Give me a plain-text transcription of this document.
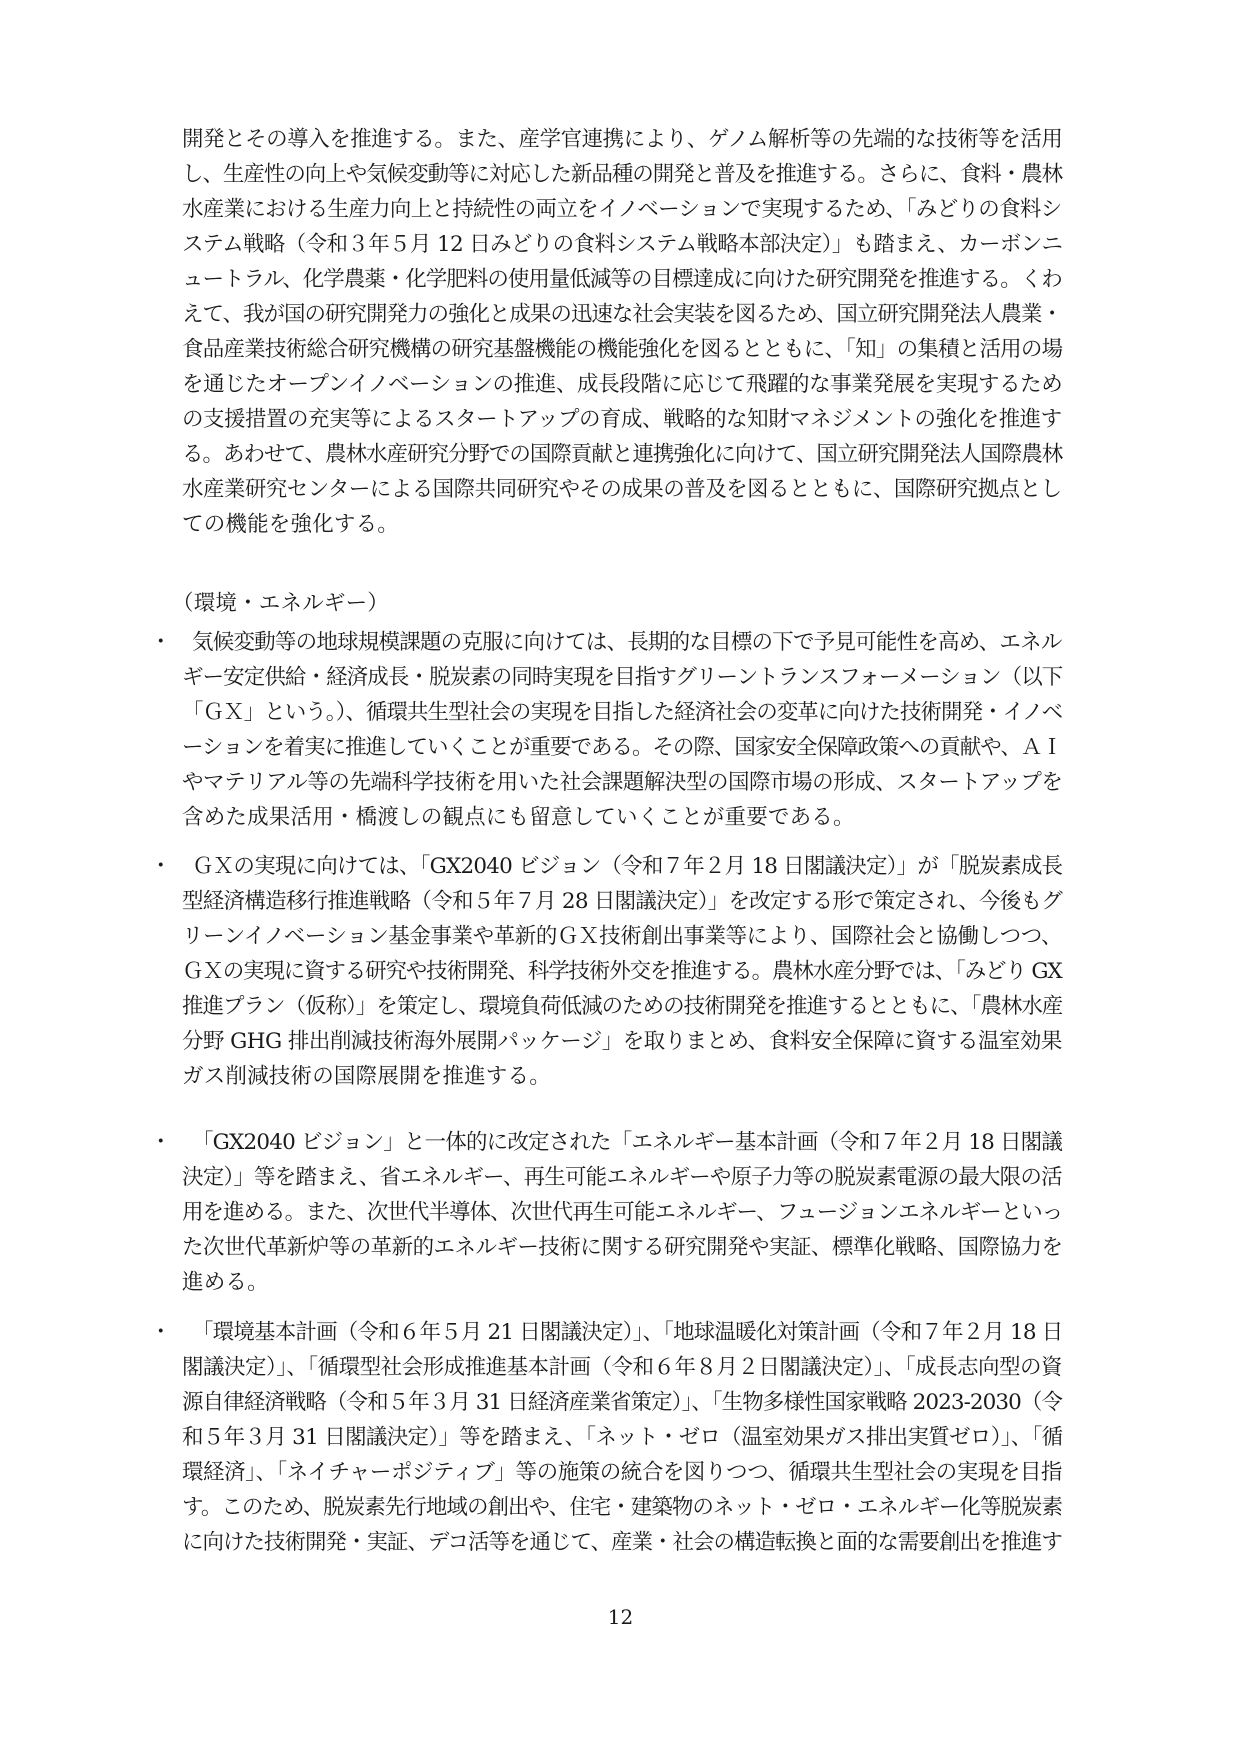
開発とその導入を推進する。また、産学官連携により、ゲノム解析等の先端的な技術等を活用
し、生産性の向上や気候変動等に対応した新品種の開発と普及を推進する。さらに、食料・農林
水産業における生産力向上と持続性の両立をイノベーションで実現するため、「みどりの食料シ
ステム戦略（令和３年５月 12 日みどりの食料システム戦略本部決定）」も踏まえ、カーボンニ
ュートラル、化学農薬・化学肥料の使用量低減等の目標達成に向けた研究開発を推進する。くわ
えて、我が国の研究開発力の強化と成果の迅速な社会実装を図るため、国立研究開発法人農業・
食品産業技術総合研究機構の研究基盤機能の機能強化を図るとともに、「知」の集積と活用の場
を通じたオープンイノベーションの推進、成長段階に応じて飛躍的な事業発展を実現するため
の支援措置の充実等によるスタートアップの育成、戦略的な知財マネジメントの強化を推進す
る。あわせて、農林水産研究分野での国際貢献と連携強化に向けて、国立研究開発法人国際農林
水産業研究センターによる国際共同研究やその成果の普及を図るとともに、国際研究拠点とし
ての機能を強化する。
（環境・エネルギー）
・ 気候変動等の地球規模課題の克服に向けては、長期的な目標の下で予見可能性を高め、エネル
ギー安定供給・経済成長・脱炭素の同時実現を目指すグリーントランスフォーメーション（以下
「ＧＸ」という。）、循環共生型社会の実現を目指した経済社会の変革に向けた技術開発・イノベ
ーションを着実に推進していくことが重要である。その際、国家安全保障政策への貢献や、ＡＩ
やマテリアル等の先端科学技術を用いた社会課題解決型の国際市場の形成、スタートアップを
含めた成果活用・橋渡しの観点にも留意していくことが重要である。
・ ＧＸの実現に向けては、「GX2040 ビジョン（令和７年２月 18 日閣議決定）」が「脱炭素成長
型経済構造移行推進戦略（令和５年７月 28 日閣議決定）」を改定する形で策定され、今後もグ
リーンイノベーション基金事業や革新的ＧＸ技術創出事業等により、国際社会と協働しつつ、
ＧＸの実現に資する研究や技術開発、科学技術外交を推進する。農林水産分野では、「みどり GX
推進プラン（仮称）」を策定し、環境負荷低減のための技術開発を推進するとともに、「農林水産
分野 GHG 排出削減技術海外展開パッケージ」を取りまとめ、食料安全保障に資する温室効果
ガス削減技術の国際展開を推進する。
・ 「GX2040 ビジョン」と一体的に改定された「エネルギー基本計画（令和７年２月 18 日閣議
決定）」等を踏まえ、省エネルギー、再生可能エネルギーや原子力等の脱炭素電源の最大限の活
用を進める。また、次世代半導体、次世代再生可能エネルギー、フュージョンエネルギーといっ
た次世代革新炉等の革新的エネルギー技術に関する研究開発や実証、標準化戦略、国際協力を
進める。
・ 「環境基本計画（令和６年５月 21 日閣議決定）」、「地球温暖化対策計画（令和７年２月 18 日
閣議決定）」、「循環型社会形成推進基本計画（令和６年８月２日閣議決定）」、「成長志向型の資
源自律経済戦略（令和５年３月 31 日経済産業省策定）」、「生物多様性国家戦略 2023-2030（令
和５年３月 31 日閣議決定）」等を踏まえ、「ネット・ゼロ（温室効果ガス排出実質ゼロ）」、「循
環経済」、「ネイチャーポジティブ」等の施策の統合を図りつつ、循環共生型社会の実現を目指
す。このため、脱炭素先行地域の創出や、住宅・建築物のネット・ゼロ・エネルギー化等脱炭素
に向けた技術開発・実証、デコ活等を通じて、産業・社会の構造転換と面的な需要創出を推進す
12
